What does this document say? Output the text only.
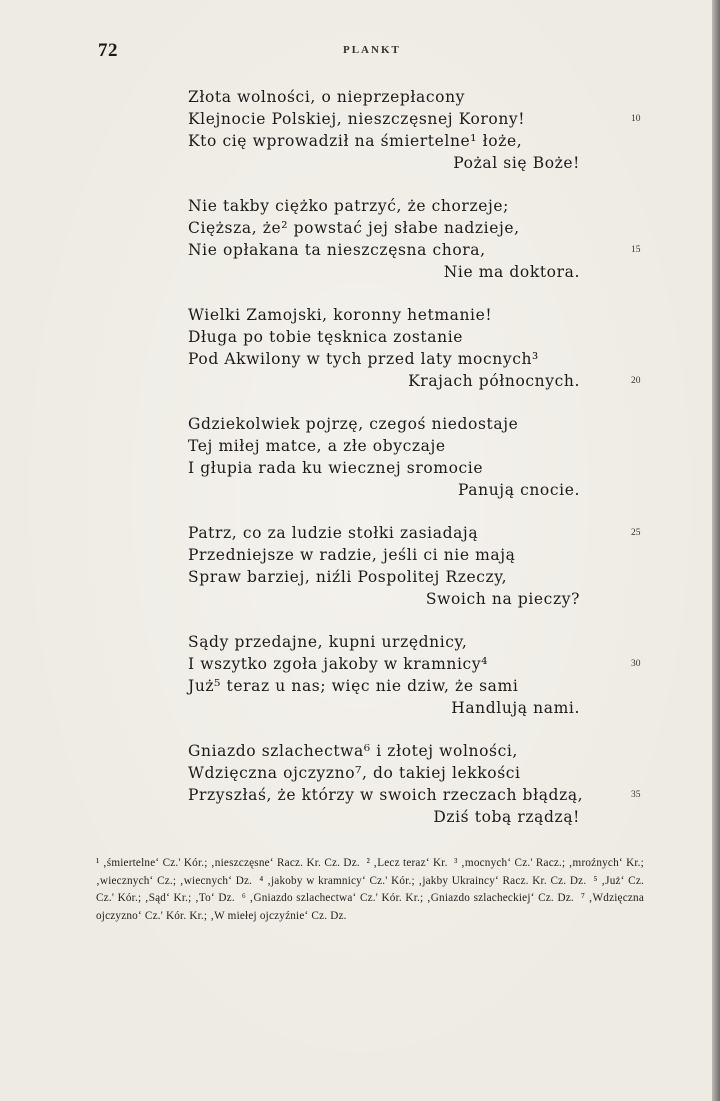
72	PLANKT
Złota wolności, o nieprzepłacony
Klejnocie Polskiej, nieszczęsnej Korony!	10
Kto cię wprowadził na śmiertelne¹ łoże,
Pożal się Boże!
Nie takby ciężko patrzyć, że chorzeje;
Cięższa, że² powstać jej słabe nadzieje,
Nie opłakana ta nieszczęsna chora,	15
Nie ma doktora.
Wielki Zamojski, koronny hetmanie!
Długa po tobie tęsknica zostanie
Pod Akwilony w tych przed laty mocnych³
Krajach północnych.	20
Gdziekolwiek pojrzę, czegoś niedostaje
Tej miłej matce, a złe obyczaje
I głupia rada ku wiecznej sromocie
Panują cnocie.
Patrz, co za ludzie stołki zasiadają	25
Przedniejsze w radzie, jeśli ci nie mają
Spraw barziej, niźli Pospolitej Rzeczy,
Swoich na pieczy?
Sądy przedajne, kupni urzędnicy,
I wszytko zgoła jakoby w kramnicy⁴	30
Już⁵ teraz u nas; więc nie dziw, że sami
Handlują nami.
Gniazdo szlachectwa⁶ i złotej wolności,
Wdzięczna ojczyzno⁷, do takiej lekkości
Przyszłaś, że którzy w swoich rzeczach błądzą,	35
Dziś tobą rządzą!
¹ ‚śmiertelne‘ Cz.' Kór.; ‚nieszczęsne‘ Racz. Kr. Cz. Dz. ² ‚Lecz teraz‘ Kr. ³ ‚mocnych‘ Cz.' Racz.; ‚mroźnych‘ Kr.; ‚wiecznych‘ Cz.; ‚wiecnych‘ Dz. ⁴ ‚jakoby w kramnicy‘ Cz.' Kór.; ‚jakby Ukraincy‘ Racz. Kr. Cz. Dz. ⁵ ‚Już‘ Cz. Cz.' Kór.; ‚Sąd‘ Kr.; ‚To‘ Dz. ⁶ ‚Gniazdo szlachectwa‘ Cz.' Kór. Kr.; ‚Gniazdo szlacheckiej‘ Cz. Dz. ⁷ ‚Wdzięczna ojczyzno‘ Cz.' Kór. Kr.; ‚W miełej ojczyźnie‘ Cz. Dz.
